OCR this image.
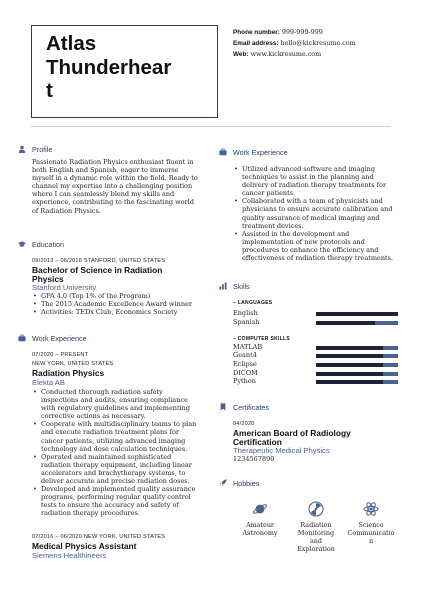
Atlas
Thunderhear
t
Phone number: 999-999-999
Email address: hello@kickresume.com
Web: www.kickresume.com
Profile
Passionate Radiation Physics enthusiast fluent in
both English and Spanish, eager to immerse
myself in a dynamic role within the field. Ready to
channel my expertise into a challenging position
where I can seamlessly blend my skills and
experience, contributing to the fascinating world
of Radiation Physics.
Education
09/2013 – 06/2016 STANFORD, UNITED STATES
Bachelor of Science in Radiation
Physics
Stanford University
• GPA 4.0 (Top 1% of the Program)
• The 2015 Academic Excellence Award winner
• Activities: TEDx Club, Economics Society
Work Experience
07/2020 – PRESENT
NEW YORK, UNITED STATES
Radiation Physics
Elekta AB
• Conducted thorough radiation safety
inspections and audits, ensuring compliance
with regulatory guidelines and implementing
corrective actions as necessary.
• Cooperate with multidisciplinary teams to plan
and execute radiation treatment plans for
cancer patients, utilizing advanced imaging
technology and dose calculation techniques.
• Operated and maintained sophisticated
radiation therapy equipment, including linear
accelerators and brachytherapy systems, to
deliver accurate and precise radiation doses.
• Developed and implemented quality assurance
programs, performing regular quality control
tests to ensure the accuracy and safety of
radiation therapy procedures.
07/2016 – 06/2020 NEW YORK, UNITED STATES
Medical Physics Assistant
Siemens Healthineers
Work Experience
• Utilized advanced software and imaging
techniques to assist in the planning and
delivery of radiation therapy treatments for
cancer patients.
• Collaborated with a team of physicists and
physicians to ensure accurate calibration and
quality assurance of medical imaging and
treatment devices.
• Assisted in the development and
implementation of new protocols and
procedures to enhance the efficiency and
effectiveness of radiation therapy treatments.
Skills
– LANGUAGES
English
Spanish
– COMPUTER SKILLS
MATLAB
Geant4
Eclipse
DICOM
Python
Certificates
04/2020
American Board of Radiology
Certification
Therapeutic Medical Physics
1234567890
Hobbies
Amateur
Astronomy
Radiation
Monitoring
and
Exploration
Science
Communicatio
n
